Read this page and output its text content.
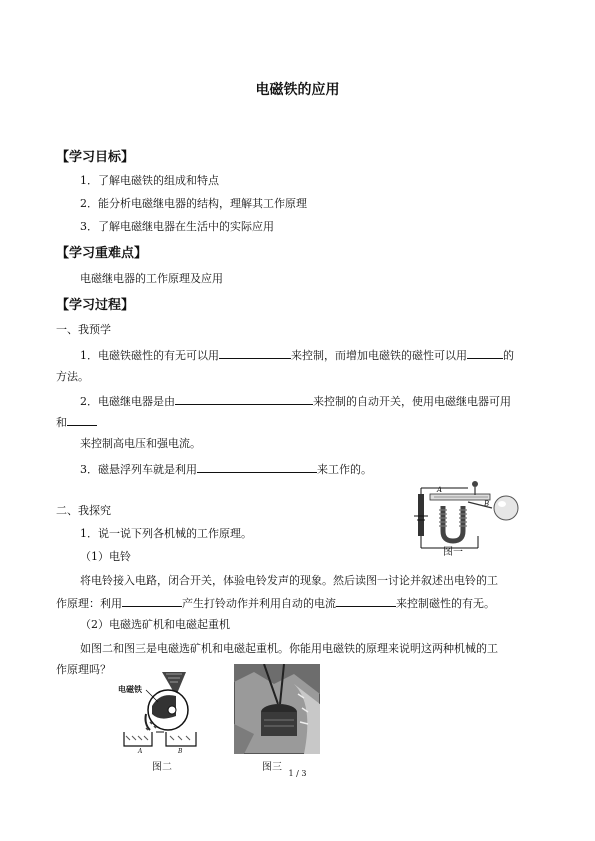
电磁铁的应用
【学习目标】
1．了解电磁铁的组成和特点
2．能分析电磁继电器的结构，理解其工作原理
3．了解电磁继电器在生活中的实际应用
【学习重难点】
电磁继电器的工作原理及应用
【学习过程】
一、我预学
1．电磁铁磁性的有无可以用	来控制，而增加电磁铁的磁性可以用	的
方法。
2．电磁继电器是由	来控制的自动开关，使用电磁继电器可用
和
来控制高电压和强电流。
3．磁悬浮列车就是利用	来工作的。
二、我探究
1．说一说下列各机械的工作原理。
（1）电铃
将电铃接入电路，闭合开关，体验电铃发声的现象。然后读图一讨论并叙述出电铃的工
作原理：利用	产生打铃动作并利用自动的电流	来控制磁性的有无。
（2）电磁选矿机和电磁起重机
如图二和图三是电磁选矿机和电磁起重机。你能用电磁铁的原理来说明这两种机械的工
作原理吗？
A
B
图一
电磁铁
A	B
图二	图三
1 / 3
